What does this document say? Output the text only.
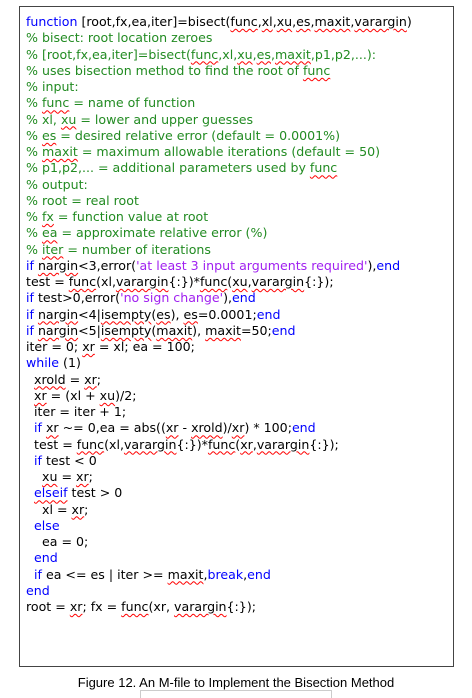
function [root,fx,ea,iter]=bisect(func,xl,xu,es,maxit,varargin)
% bisect: root location zeroes
% [root,fx,ea,iter]=bisect(func,xl,xu,es,maxit,p1,p2,...):
% uses bisection method to find the root of func
% input:
% func = name of function
% xl, xu = lower and upper guesses
% es = desired relative error (default = 0.0001%)
% maxit = maximum allowable iterations (default = 50)
% p1,p2,... = additional parameters used by func
% output:
% root = real root
% fx = function value at root
% ea = approximate relative error (%)
% iter = number of iterations
if nargin<3,error('at least 3 input arguments required'),end
test = func(xl,varargin{:})*func(xu,varargin{:});
if test>0,error('no sign change'),end
if nargin<4|isempty(es), es=0.0001;end
if nargin<5|isempty(maxit), maxit=50;end
iter = 0; xr = xl; ea = 100;
while (1)
xrold = xr;
xr = (xl + xu)/2;
iter = iter + 1;
if xr ~= 0,ea = abs((xr - xrold)/xr) * 100;end
test = func(xl,varargin{:})*func(xr,varargin{:});
if test < 0
xu = xr;
elseif test > 0
xl = xr;
else
ea = 0;
end
if ea <= es | iter >= maxit,break,end
end
root = xr; fx = func(xr, varargin{:});
Figure 12. An M-file to Implement the Bisection Method
